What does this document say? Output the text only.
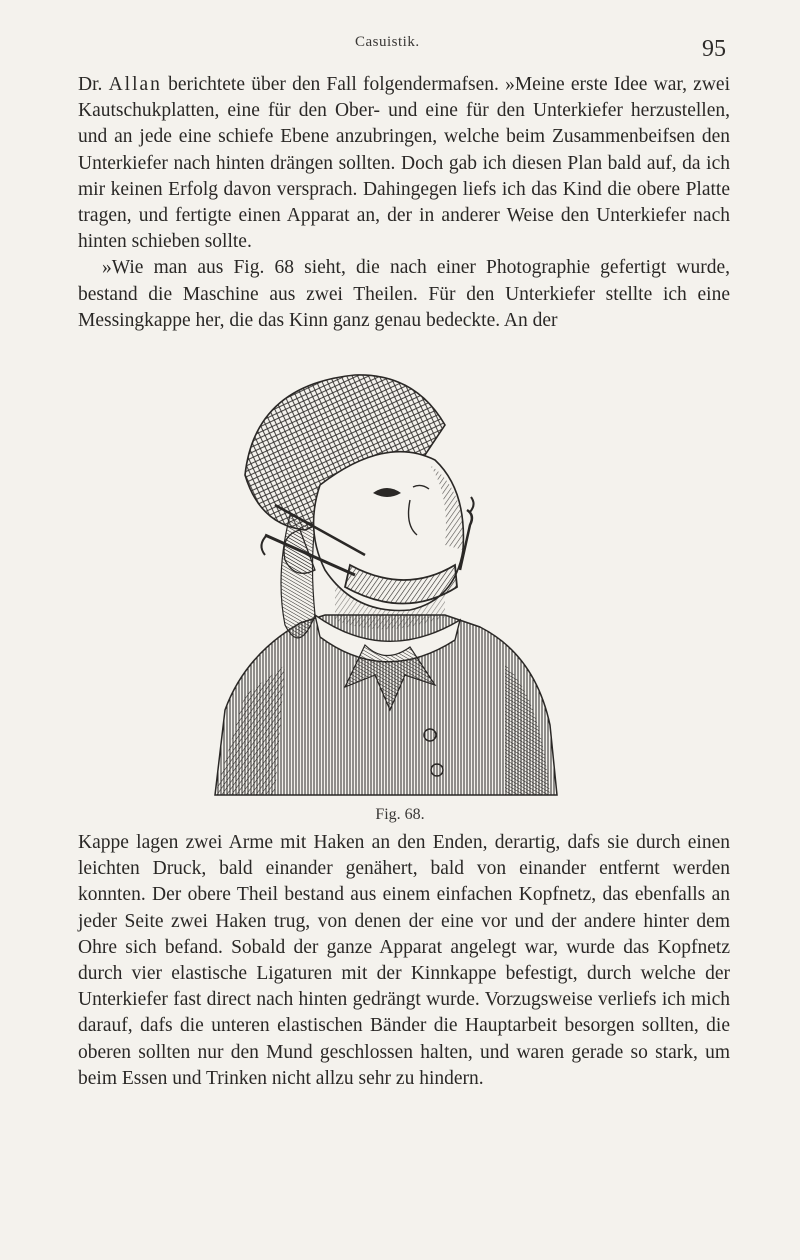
Casuistik.	95

Dr. Allan berichtete über den Fall folgendermafsen. »Meine erste Idee war, zwei Kautschukplatten, eine für den Ober- und eine für den Unterkiefer herzustellen, und an jede eine schiefe Ebene anzubringen, welche beim Zusammenbeifsen den Unterkiefer nach hinten drängen sollten. Doch gab ich diesen Plan bald auf, da ich mir keinen Erfolg davon versprach. Dahingegen liefs ich das Kind die obere Platte tragen, und fertigte einen Apparat an, der in anderer Weise den Unterkiefer nach hinten schieben sollte.

»Wie man aus Fig. 68 sieht, die nach einer Photographie gefertigt wurde, bestand die Maschine aus zwei Theilen. Für den Unterkiefer stellte ich eine Messingkappe her, die das Kinn ganz genau bedeckte. An der

Fig. 68.

Kappe lagen zwei Arme mit Haken an den Enden, derartig, dafs sie durch einen leichten Druck, bald einander genähert, bald von einander entfernt werden konnten. Der obere Theil bestand aus einem einfachen Kopfnetz, das ebenfalls an jeder Seite zwei Haken trug, von denen der eine vor und der andere hinter dem Ohre sich befand. Sobald der ganze Apparat angelegt war, wurde das Kopfnetz durch vier elastische Ligaturen mit der Kinnkappe befestigt, durch welche der Unterkiefer fast direct nach hinten gedrängt wurde. Vorzugsweise verliefs ich mich darauf, dafs die unteren elastischen Bänder die Hauptarbeit besorgen sollten, die oberen sollten nur den Mund geschlossen halten, und waren gerade so stark, um beim Essen und Trinken nicht allzu sehr zu hindern.
